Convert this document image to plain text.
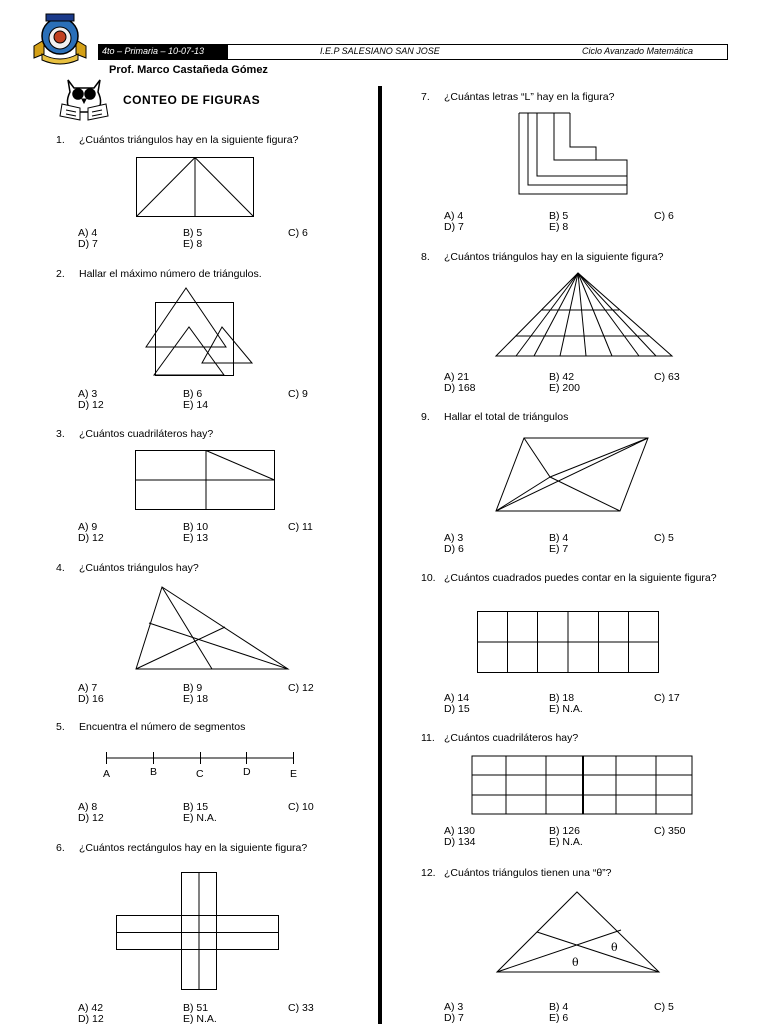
4to – Primaria – 10-07-13	I.E.P SALESIANO SAN JOSE	Ciclo Avanzado Matemática
Prof. Marco Castañeda Gómez
CONTEO DE FIGURAS
1. ¿Cuántos triángulos hay en la siguiente figura?
A) 4	B) 5	C) 6
D) 7	E) 8
2. Hallar el máximo número de triángulos.
A) 3	B) 6	C) 9
D) 12	E) 14
3. ¿Cuántos cuadriláteros hay?
A) 9	B) 10	C) 11
D) 12	E) 13
4. ¿Cuántos triángulos hay?
A) 7	B) 9	C) 12
D) 16	E) 18
5. Encuentra el número de segmentos
A	B	C	D	E
A) 8	B) 15	C) 10
D) 12	E) N.A.
6. ¿Cuántos rectángulos hay en la siguiente figura?
A) 42	B) 51	C) 33
D) 12	E) N.A.
7. ¿Cuántas letras “L” hay en la figura?
A) 4	B) 5	C) 6
D) 7	E) 8
8. ¿Cuántos triángulos hay en la siguiente figura?
A) 21	B) 42	C) 63
D) 168	E) 200
9. Hallar el total de triángulos
A) 3	B) 4	C) 5
D) 6	E) 7
10. ¿Cuántos cuadrados puedes contar en la siguiente figura?
A) 14	B) 18	C) 17
D) 15	E) N.A.
11. ¿Cuántos cuadriláteros hay?
A) 130	B) 126	C) 350
D) 134	E) N.A.
12. ¿Cuántos triángulos tienen una “θ”?
θ
θ
A) 3	B) 4	C) 5
D) 7	E) 6
